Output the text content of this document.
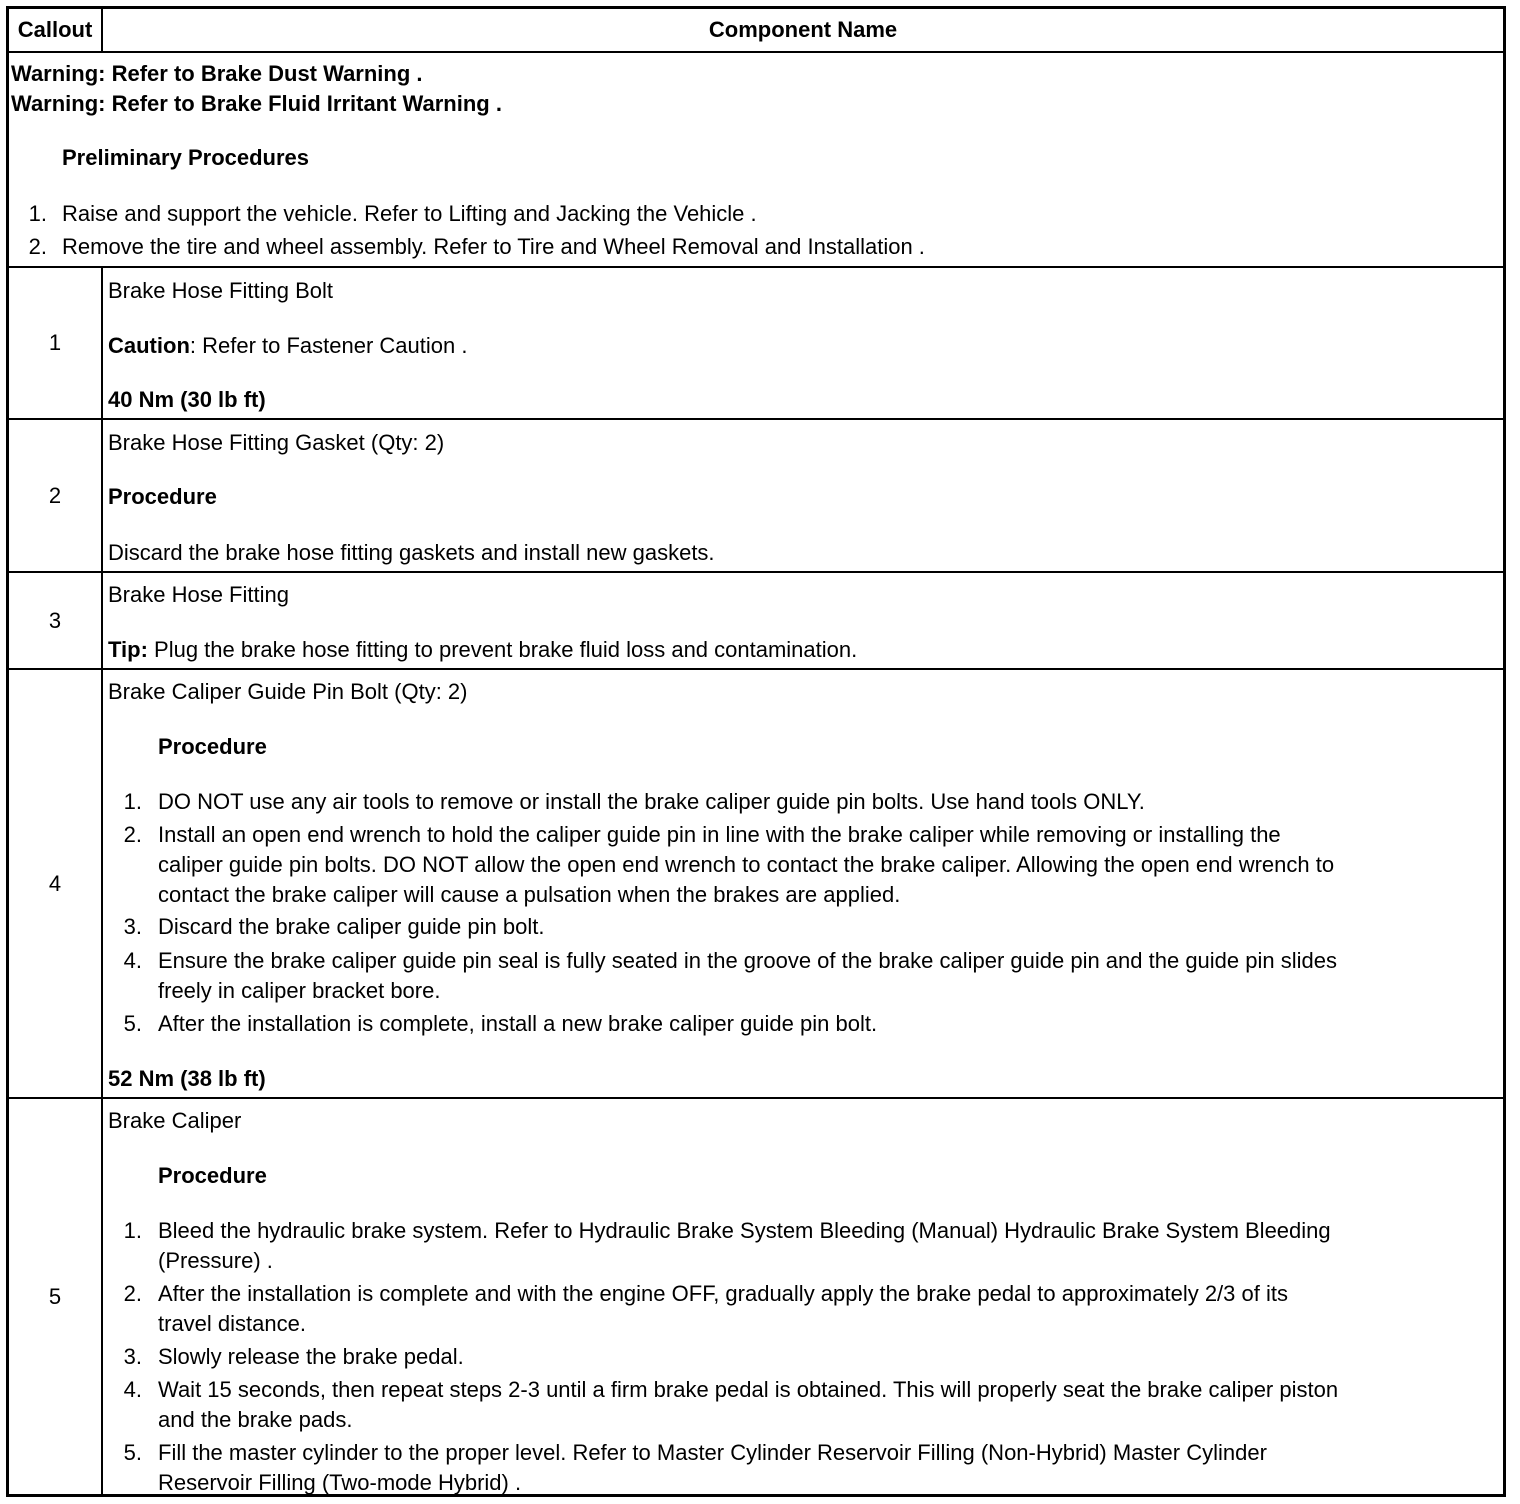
Callout	Component Name
Warning: Refer to Brake Dust Warning .
Warning: Refer to Brake Fluid Irritant Warning .
Preliminary Procedures
1. Raise and support the vehicle. Refer to Lifting and Jacking the Vehicle .
2. Remove the tire and wheel assembly. Refer to Tire and Wheel Removal and Installation .
1
Brake Hose Fitting Bolt
Caution: Refer to Fastener Caution .
40 Nm (30 lb ft)
2
Brake Hose Fitting Gasket (Qty: 2)
Procedure
Discard the brake hose fitting gaskets and install new gaskets.
3
Brake Hose Fitting
Tip: Plug the brake hose fitting to prevent brake fluid loss and contamination.
4
Brake Caliper Guide Pin Bolt (Qty: 2)
Procedure
1. DO NOT use any air tools to remove or install the brake caliper guide pin bolts. Use hand tools ONLY.
2. Install an open end wrench to hold the caliper guide pin in line with the brake caliper while removing or installing the
caliper guide pin bolts. DO NOT allow the open end wrench to contact the brake caliper. Allowing the open end wrench to
contact the brake caliper will cause a pulsation when the brakes are applied.
3. Discard the brake caliper guide pin bolt.
4. Ensure the brake caliper guide pin seal is fully seated in the groove of the brake caliper guide pin and the guide pin slides
freely in caliper bracket bore.
5. After the installation is complete, install a new brake caliper guide pin bolt.
52 Nm (38 lb ft)
5
Brake Caliper
Procedure
1. Bleed the hydraulic brake system. Refer to Hydraulic Brake System Bleeding (Manual) Hydraulic Brake System Bleeding
(Pressure) .
2. After the installation is complete and with the engine OFF, gradually apply the brake pedal to approximately 2/3 of its
travel distance.
3. Slowly release the brake pedal.
4. Wait 15 seconds, then repeat steps 2-3 until a firm brake pedal is obtained. This will properly seat the brake caliper piston
and the brake pads.
5. Fill the master cylinder to the proper level. Refer to Master Cylinder Reservoir Filling (Non-Hybrid) Master Cylinder
Reservoir Filling (Two-mode Hybrid) .
